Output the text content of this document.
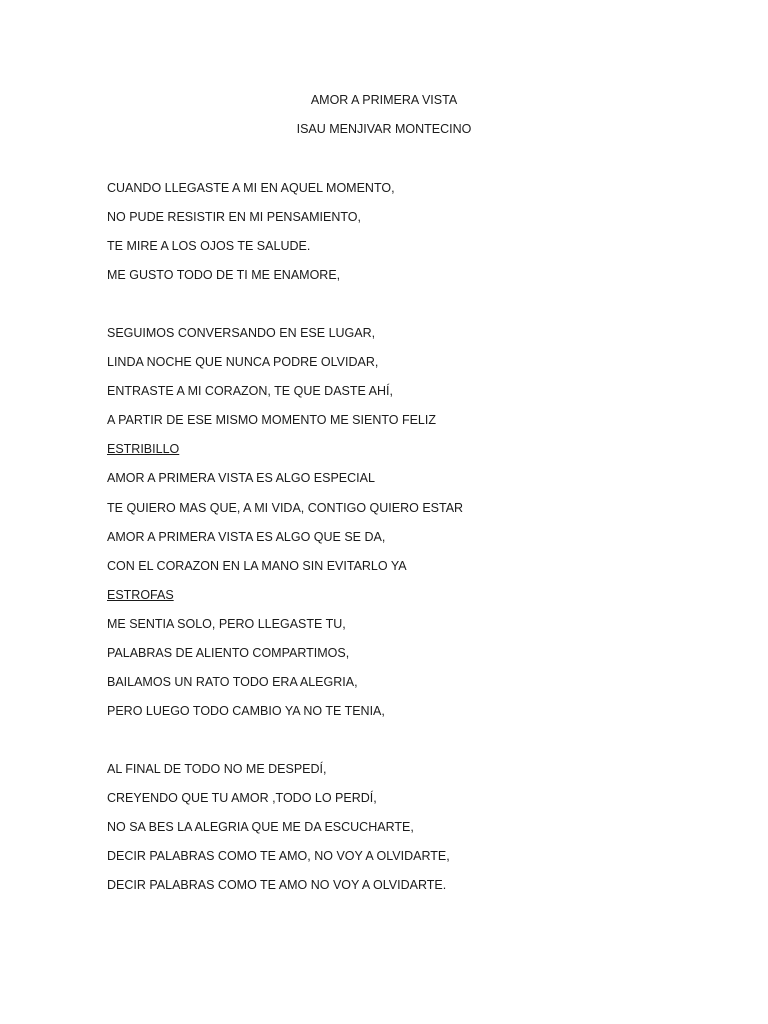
AMOR A PRIMERA VISTA
ISAU MENJIVAR MONTECINO
CUANDO LLEGASTE A MI EN AQUEL MOMENTO,
NO PUDE RESISTIR EN MI PENSAMIENTO,
TE MIRE A LOS OJOS TE SALUDE.
ME GUSTO TODO DE TI ME ENAMORE,
SEGUIMOS CONVERSANDO EN ESE LUGAR,
LINDA NOCHE QUE NUNCA PODRE OLVIDAR,
ENTRASTE A MI CORAZON, TE QUE DASTE AHÍ,
A PARTIR DE ESE MISMO MOMENTO ME SIENTO FELIZ
ESTRIBILLO
AMOR A PRIMERA VISTA ES ALGO ESPECIAL
TE QUIERO MAS QUE, A MI VIDA, CONTIGO QUIERO ESTAR
AMOR A PRIMERA VISTA ES ALGO QUE SE DA,
CON EL CORAZON EN LA MANO SIN EVITARLO YA
ESTROFAS
ME SENTIA SOLO, PERO LLEGASTE TU,
PALABRAS DE ALIENTO COMPARTIMOS,
BAILAMOS UN RATO TODO ERA ALEGRIA,
PERO LUEGO TODO CAMBIO YA NO TE TENIA,
AL FINAL DE TODO NO ME DESPEDÍ,
CREYENDO QUE TU AMOR ,TODO LO PERDÍ,
NO SA BES LA ALEGRIA QUE ME DA ESCUCHARTE,
DECIR PALABRAS COMO TE AMO, NO VOY A OLVIDARTE,
DECIR PALABRAS COMO TE AMO NO VOY A OLVIDARTE.
